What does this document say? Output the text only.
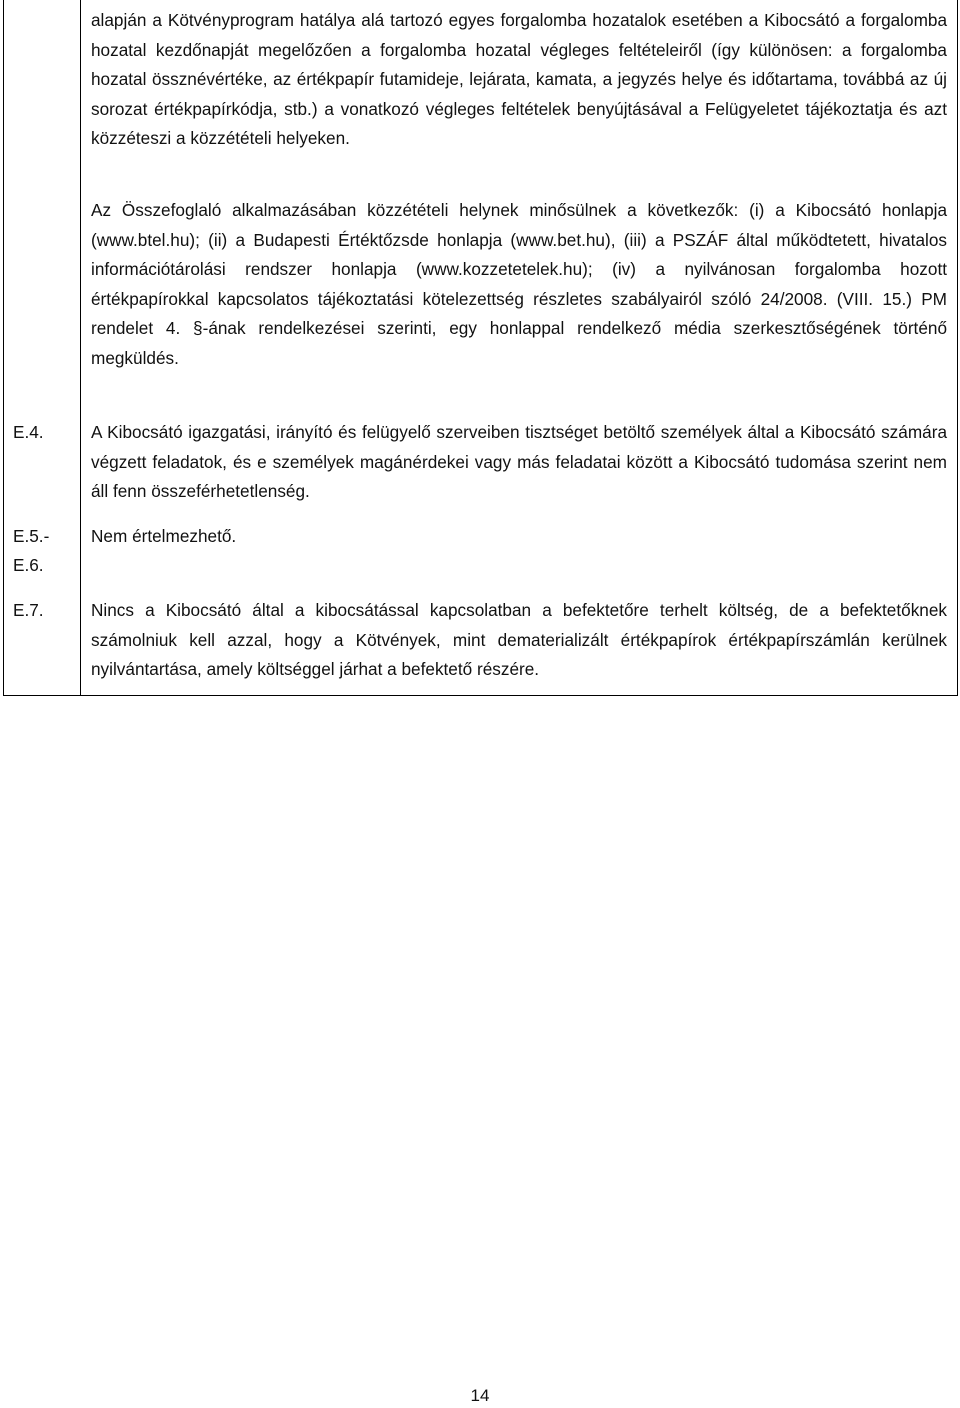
alapján a Kötvényprogram hatálya alá tartozó egyes forgalomba hozatalok esetében a Kibocsátó a forgalomba hozatal kezdőnapját megelőzően a forgalomba hozatal végleges feltételeiről (így különösen: a forgalomba hozatal össznévértéke, az értékpapír futamideje, lejárata, kamata, a jegyzés helye és időtartama, továbbá az új sorozat értékpapírkódja, stb.) a vonatkozó végleges feltételek benyújtásával a Felügyeletet tájékoztatja és azt közzéteszi a közzétételi helyeken.

Az Összefoglaló alkalmazásában közzétételi helynek minősülnek a következők: (i) a Kibocsátó honlapja (www.btel.hu); (ii) a Budapesti Értéktőzsde honlapja (www.bet.hu), (iii) a PSZÁF által működtetett, hivatalos információtárolási rendszer honlapja (www.kozzetetelek.hu); (iv) a nyilvánosan forgalomba hozott értékpapírokkal kapcsolatos tájékoztatási kötelezettség részletes szabályairól szóló 24/2008. (VIII. 15.) PM rendelet 4. §-ának rendelkezései szerinti, egy honlappal rendelkező média szerkesztőségének történő megküldés.

E.4.	A Kibocsátó igazgatási, irányító és felügyelő szerveiben tisztséget betöltő személyek által a Kibocsátó számára végzett feladatok, és e személyek magánérdekei vagy más feladatai között a Kibocsátó tudomása szerint nem áll fenn összeférhetetlenség.

E.5.-

E.6.

Nem értelmezhető.

E.7.	Nincs a Kibocsátó által a kibocsátással kapcsolatban a befektetőre terhelt költség, de a befektetőknek számolniuk kell azzal, hogy a Kötvények, mint dematerializált értékpapírok értékpapírszámlán kerülnek nyilvántartása, amely költséggel járhat a befektető részére.

14
